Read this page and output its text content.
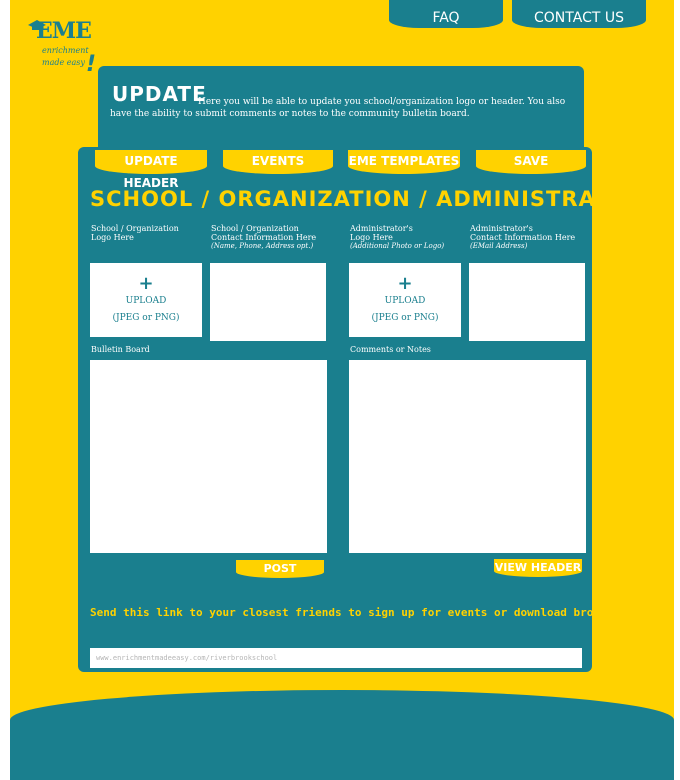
EME
enrichment
made easy !
FAQ	CONTACT US
UPDATE
Here you will be able to update you school/organization logo or header. You also have the ability to submit comments or notes to the community bulletin board.
UPDATE HEADER
EVENTS	EME TEMPLATES	SAVE
SCHOOL / ORGANIZATION / ADMINISTRATOR
School / Organization
Logo Here
School / Organization
Contact Information Here
(Name, Phone, Address opt.)
Administrator's
Logo Here
(Additional Photo or Logo)
Administrator's
Contact Information Here
(EMail Address)
+
UPLOAD
(JPEG or PNG)
+
UPLOAD
(JPEG or PNG)
Bulletin Board	Comments or Notes
POST	VIEW HEADER
Send this link to your closest friends to sign up for events or download brochures!
www.enrichmentmadeeasy.com/riverbrookschool
